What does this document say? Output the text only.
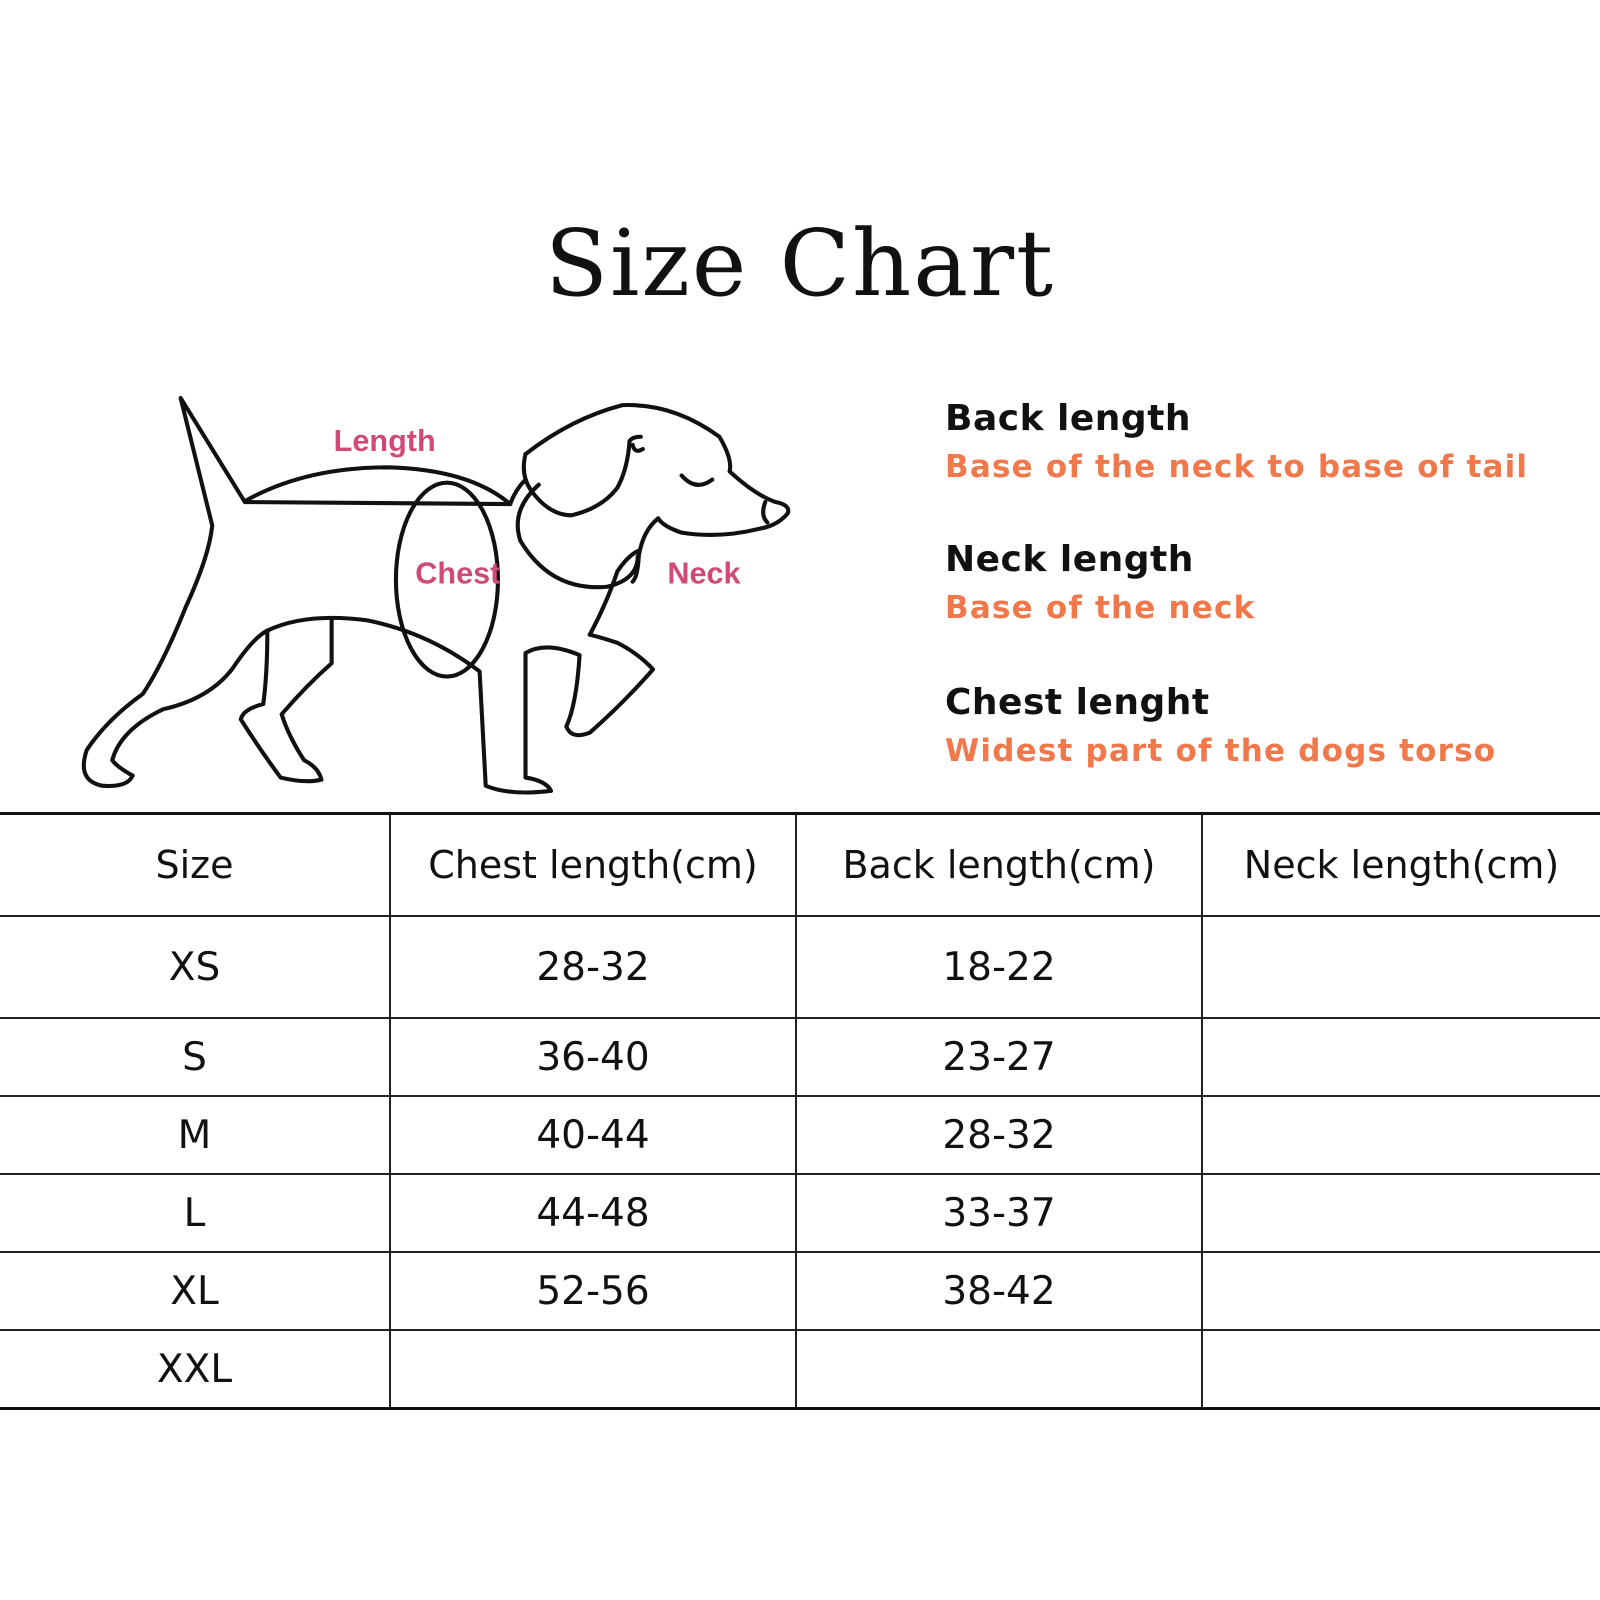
Size Chart
Length
Chest	Neck
Back length
Base of the neck to base of tail
Neck length
Base of the neck
Chest lenght
Widest part of the dogs torso
Size	Chest length(cm)	Back length(cm)	Neck length(cm)
XS	28-32	18-22	
S	36-40	23-27	
M	40-44	28-32	
L	44-48	33-37	
XL	52-56	38-42	
XXL			
